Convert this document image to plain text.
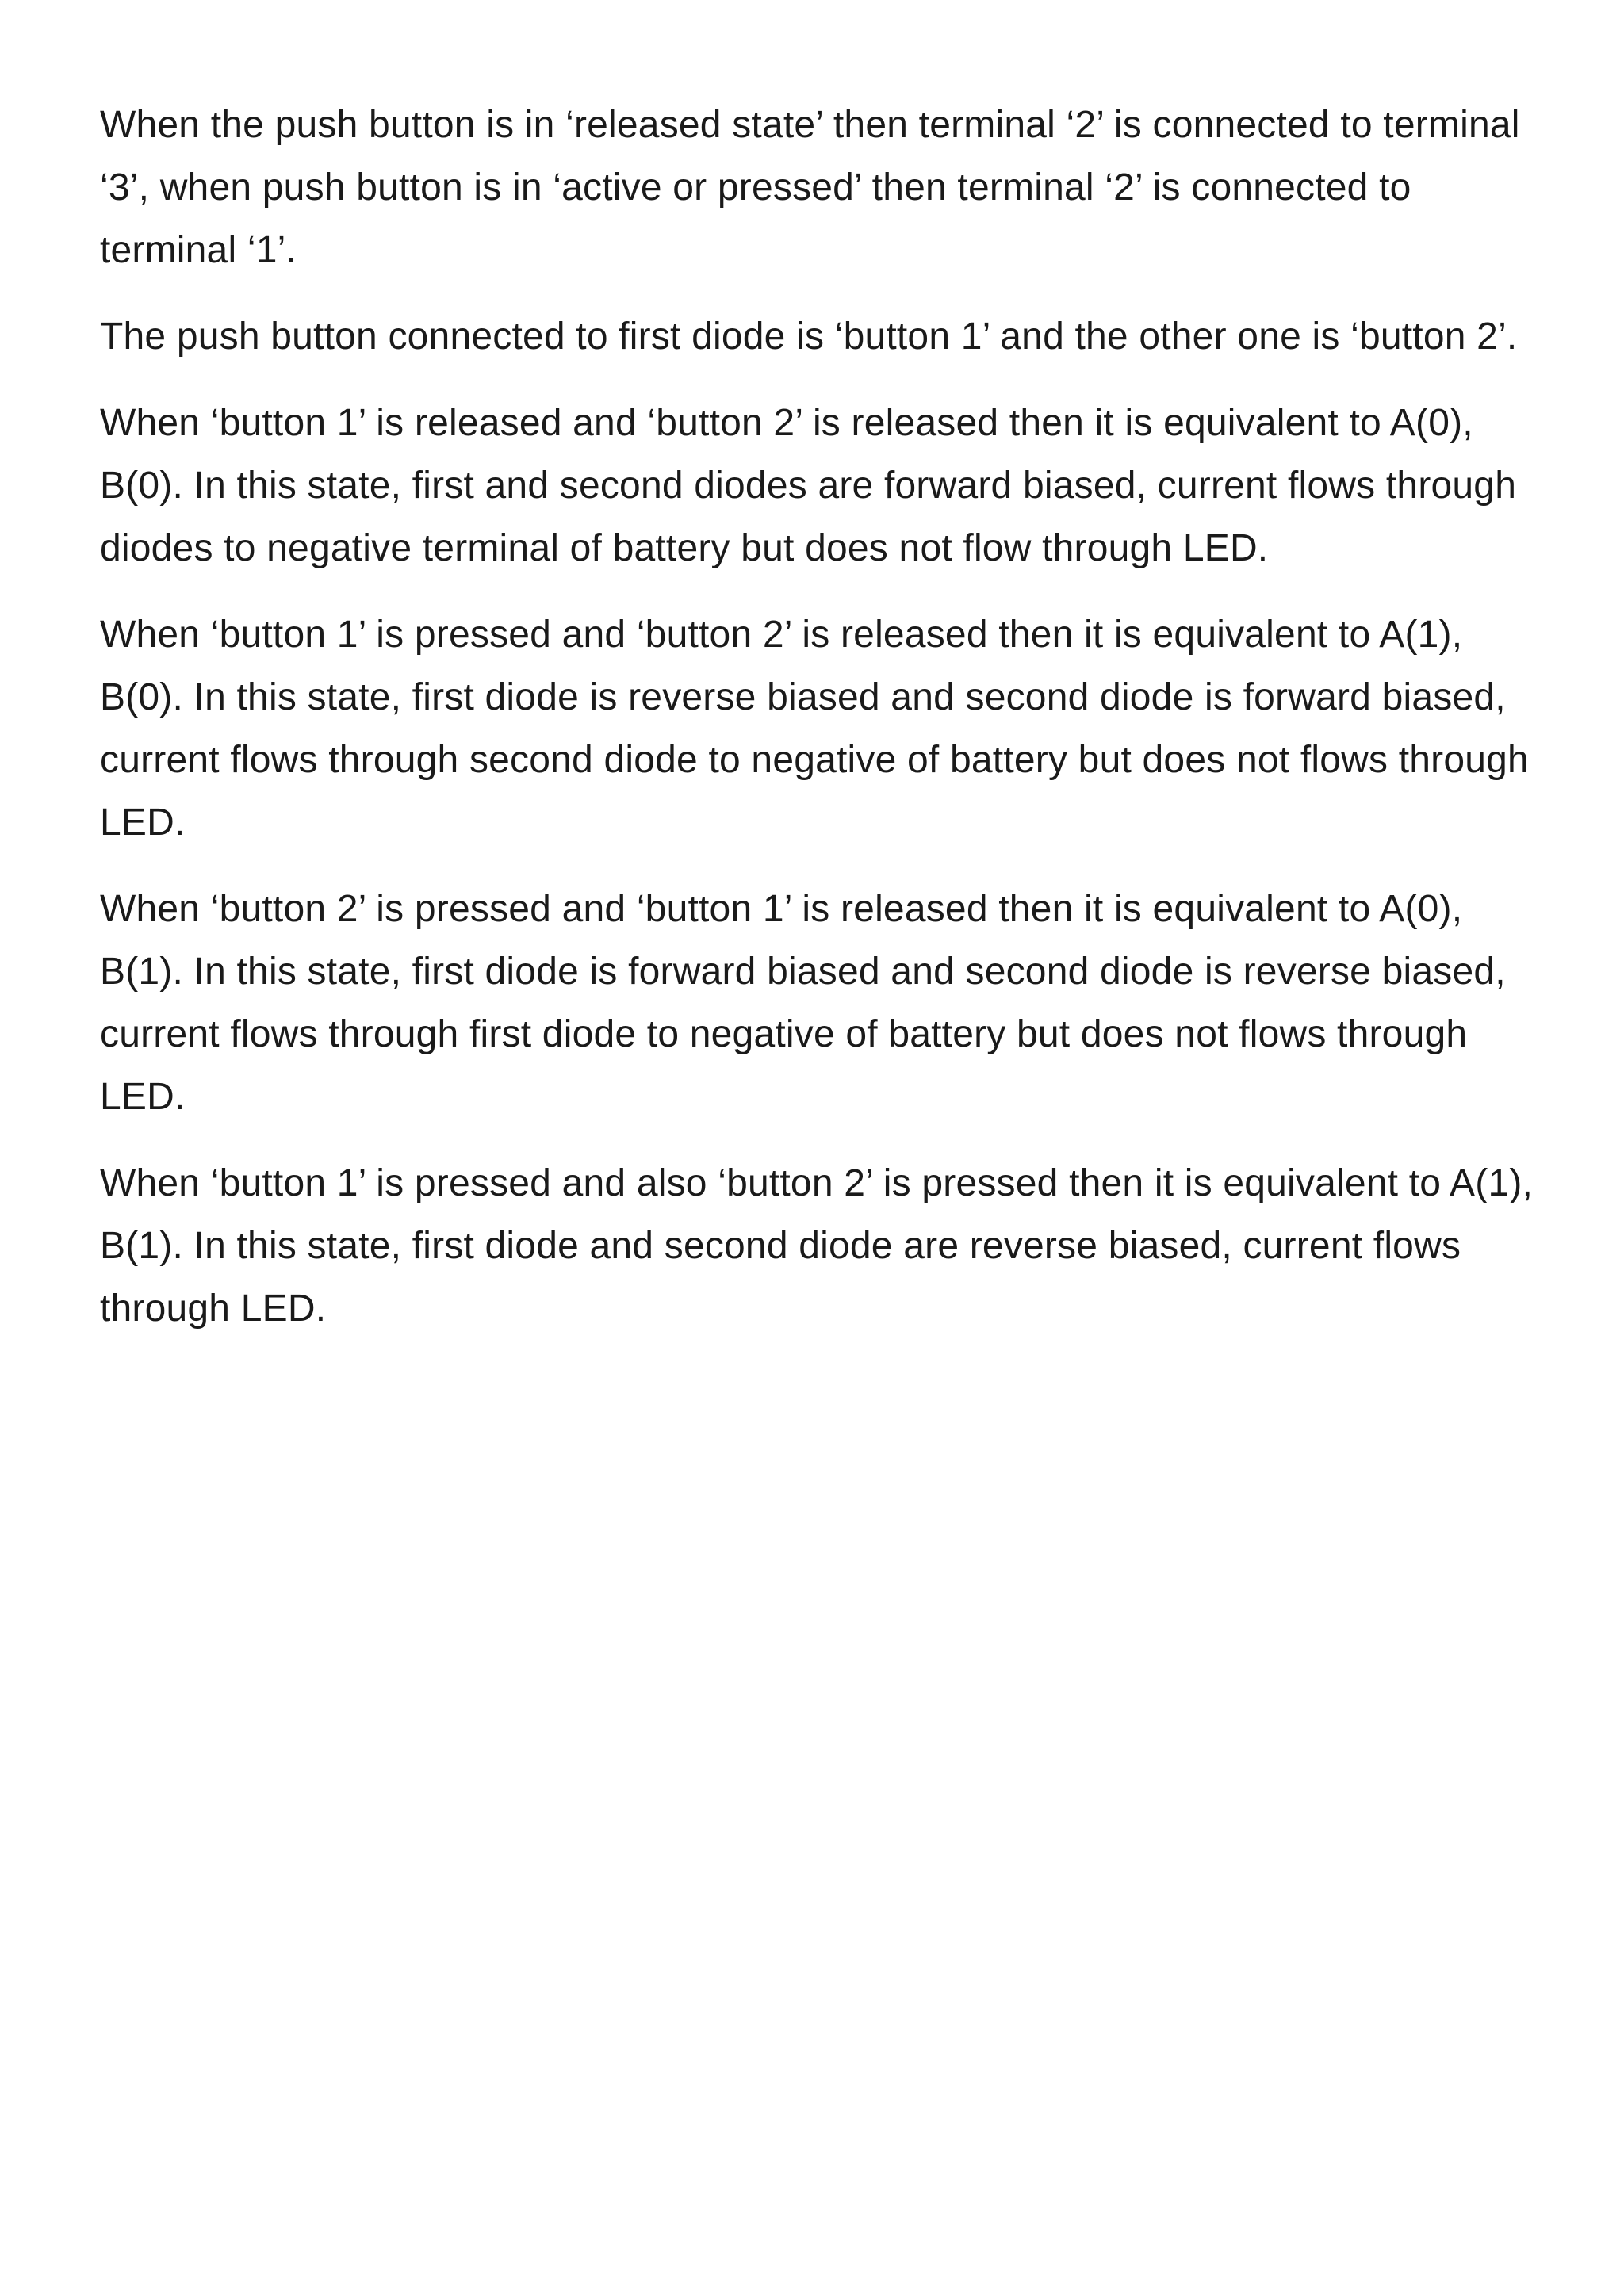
When the push button is in ‘released state’ then terminal ‘2’ is connected to terminal ‘3’, when push button is in ‘active or pressed’ then terminal ‘2’ is connected to terminal ‘1’.

The push button connected to first diode is ‘button 1’ and the other one is ‘button 2’.

When ‘button 1’ is released and ‘button 2’ is released then it is equivalent to A(0), B(0). In this state, first and second diodes are forward biased, current flows through diodes to negative terminal of battery but does not flow through LED.

When ‘button 1’ is pressed and ‘button 2’ is released then it is equivalent to A(1), B(0). In this state, first diode is reverse biased and second diode is forward biased, current flows through second diode to negative of battery but does not flows through LED.

When ‘button 2’ is pressed and ‘button 1’ is released then it is equivalent to A(0), B(1). In this state, first diode is forward biased and second diode is reverse biased, current flows through first diode to negative of battery but does not flows through LED.

When ‘button 1’ is pressed and also ‘button 2’ is pressed then it is equivalent to A(1), B(1). In this state, first diode and second diode are reverse biased, current flows through LED.
